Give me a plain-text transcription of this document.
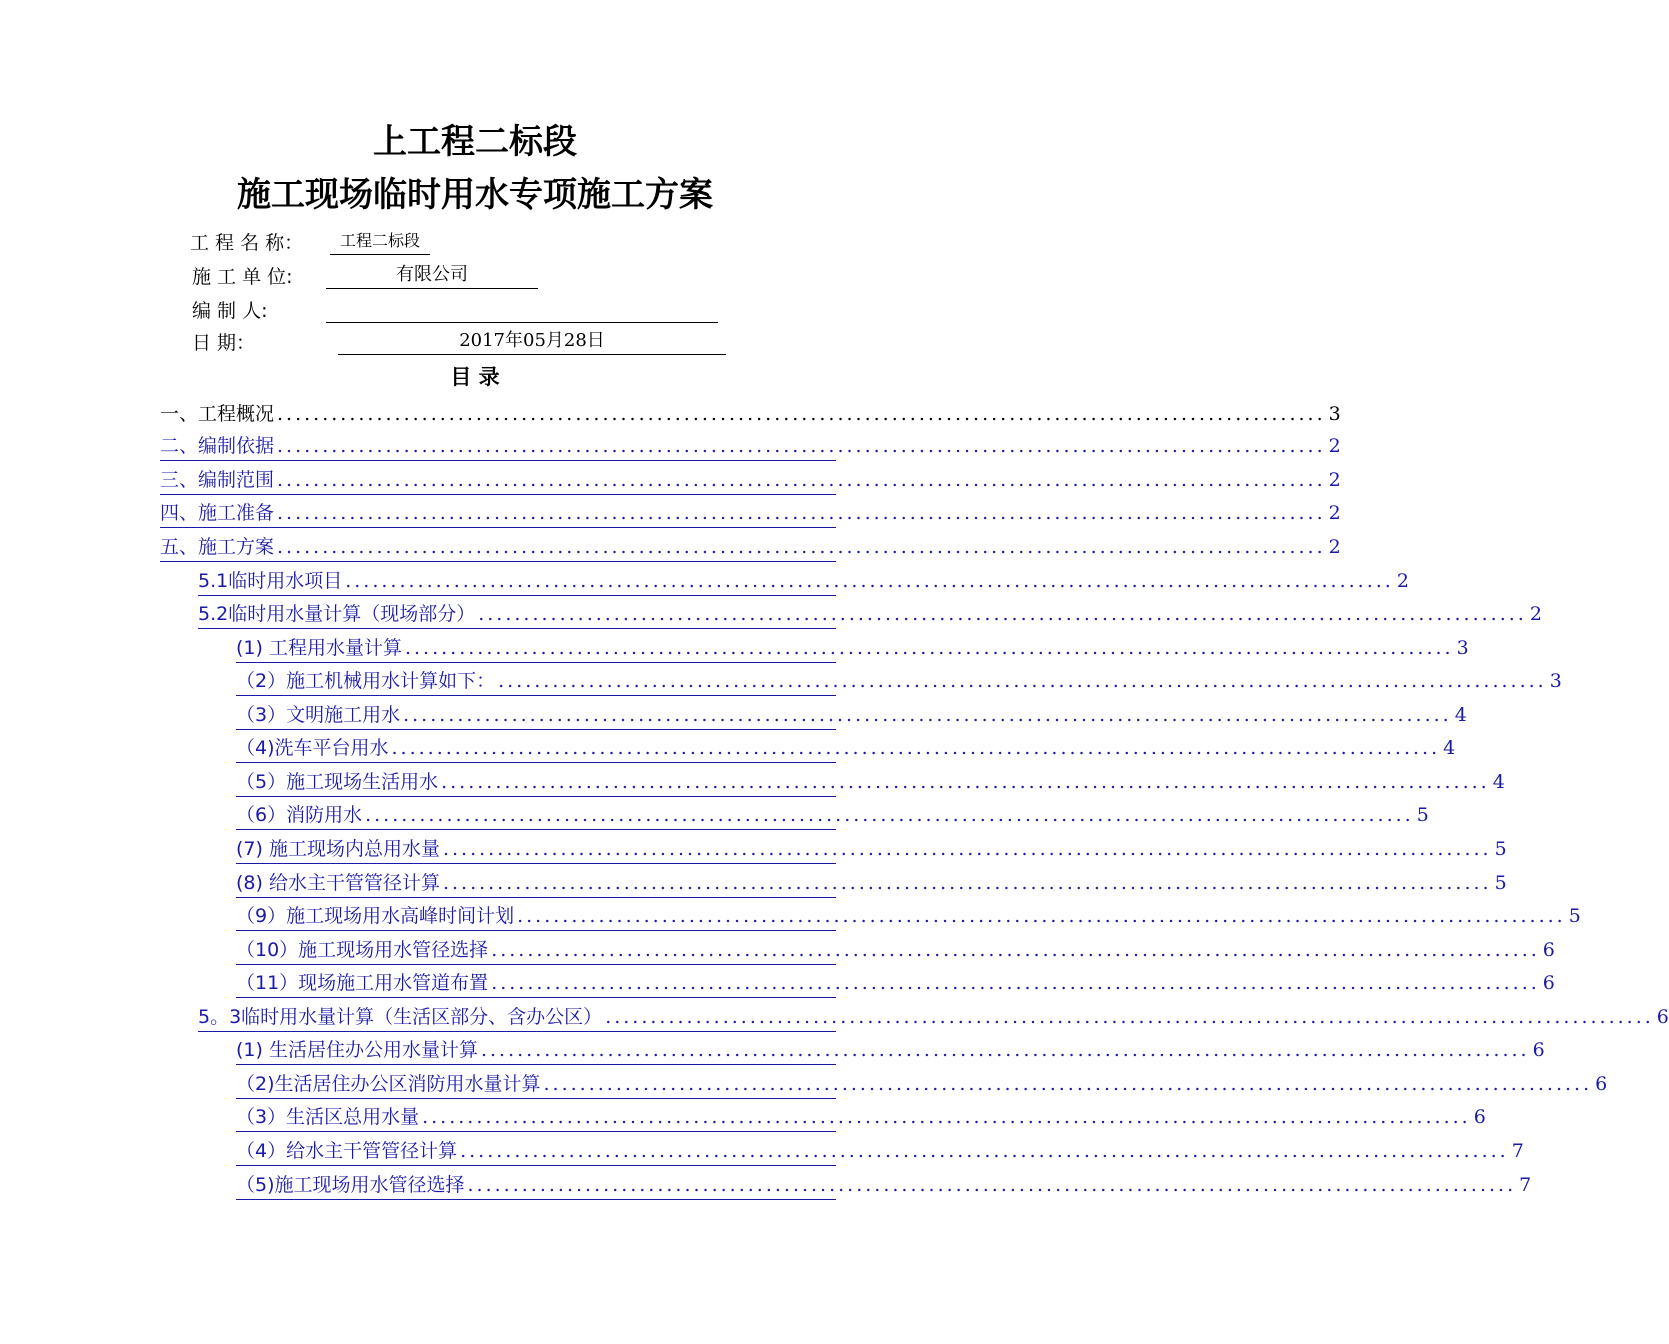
上工程二标段
施工现场临时用水专项施工方案
工 程 名 称：	工程二标段
施 工 单 位:	有限公司
编 制 人:
日 期：	2017年05月28日
目 录
一、工程概况 .................................................................................................................... 3
二、编制依据 .................................................................................................................... 2
三、编制范围 .................................................................................................................... 2
四、施工准备 .................................................................................................................... 2
五、施工方案 .................................................................................................................... 2
5.1临时用水项目 .................................................................................................................... 2
5.2临时用水量计算（现场部分） .................................................................................................................... 2
(1) 工程用水量计算 .................................................................................................................... 3
（2）施工机械用水计算如下： .................................................................................................................... 3
（3）文明施工用水 .................................................................................................................... 4
（4)洗车平台用水 .................................................................................................................... 4
（5）施工现场生活用水 .................................................................................................................... 4
（6）消防用水 .................................................................................................................... 5
(7) 施工现场内总用水量 .................................................................................................................... 5
(8) 给水主干管管径计算 .................................................................................................................... 5
（9）施工现场用水高峰时间计划 .................................................................................................................... 5
（10）施工现场用水管径选择 .................................................................................................................... 6
（11）现场施工用水管道布置 .................................................................................................................... 6
5。3临时用水量计算（生活区部分、含办公区） .................................................................................................................... 6
(1) 生活居住办公用水量计算 .................................................................................................................... 6
（2)生活居住办公区消防用水量计算 .................................................................................................................... 6
（3）生活区总用水量 .................................................................................................................... 6
（4）给水主干管管径计算 .................................................................................................................... 7
（5)施工现场用水管径选择 .................................................................................................................... 7
